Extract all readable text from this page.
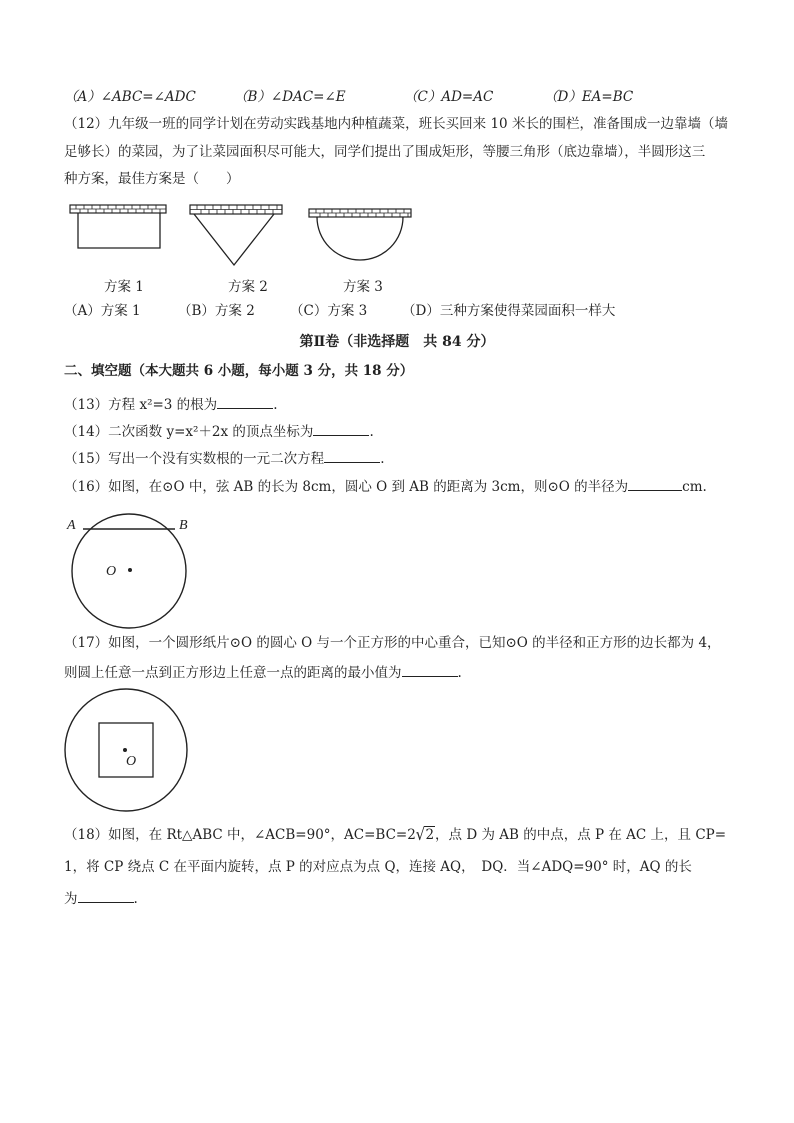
（A）∠ABC=∠ADC	（B）∠DAC=∠E	（C）AD=AC	（D）EA=BC
（12）九年级一班的同学计划在劳动实践基地内种植蔬菜，班长买回来 10 米长的围栏，准备围成一边靠墙（墙
足够长）的菜园，为了让菜园面积尽可能大，同学们提出了围成矩形，等腰三角形（底边靠墙），半圆形这三
种方案，最佳方案是（　　）
方案 1	方案 2	方案 3
（A）方案 1	（B）方案 2	（C）方案 3	（D）三种方案使得菜园面积一样大
第Ⅱ卷（非选择题　共 84 分）
二、填空题（本大题共 6 小题，每小题 3 分，共 18 分）
（13）方程 x²=3 的根为	.
（14）二次函数 y=x²＋2x 的顶点坐标为	.
（15）写出一个没有实数根的一元二次方程	.
（16）如图，在⊙O 中，弦 AB 的长为 8cm，圆心 O 到 AB 的距离为 3cm，则⊙O 的半径为	cm.
A	B
O
（17）如图，一个圆形纸片⊙O 的圆心 O 与一个正方形的中心重合，已知⊙O 的半径和正方形的边长都为 4，
则圆上任意一点到正方形边上任意一点的距离的最小值为	.
O
（18）如图，在 Rt△ABC 中，∠ACB=90°，AC=BC=2√2，点 D 为 AB 的中点，点 P 在 AC 上，且 CP=
1，将 CP 绕点 C 在平面内旋转，点 P 的对应点为点 Q，连接 AQ，　DQ．当∠ADQ=90° 时，AQ 的长
为	.
